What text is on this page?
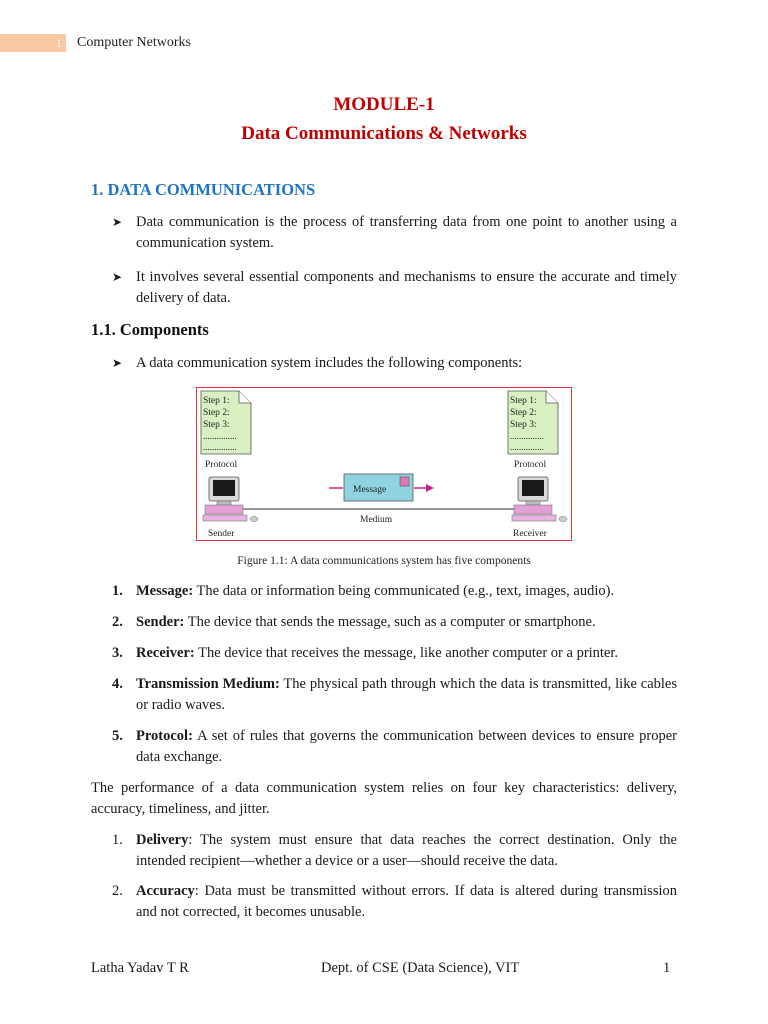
1 Computer Networks
MODULE-1
Data Communications & Networks
1. DATA COMMUNICATIONS
➤ Data communication is the process of transferring data from one point to another using a communication system.
➤ It involves several essential components and mechanisms to ensure the accurate and timely delivery of data.
1.1. Components
➤ A data communication system includes the following components:
Step 1:
Step 2:
Step 3:
...............
...............
Protocol
Step 1:
Step 2:
Step 3:
...............
...............
Protocol
Message
Medium
Sender	Receiver
Figure 1.1: A data communications system has five components
1. Message: The data or information being communicated (e.g., text, images, audio).
2. Sender: The device that sends the message, such as a computer or smartphone.
3. Receiver: The device that receives the message, like another computer or a printer.
4. Transmission Medium: The physical path through which the data is transmitted, like cables or radio waves.
5. Protocol: A set of rules that governs the communication between devices to ensure proper data exchange.
The performance of a data communication system relies on four key characteristics: delivery, accuracy, timeliness, and jitter.
1. Delivery: The system must ensure that data reaches the correct destination. Only the intended recipient—whether a device or a user—should receive the data.
2. Accuracy: Data must be transmitted without errors. If data is altered during transmission and not corrected, it becomes unusable.
Latha Yadav T R	Dept. of CSE (Data Science), VIT	1
